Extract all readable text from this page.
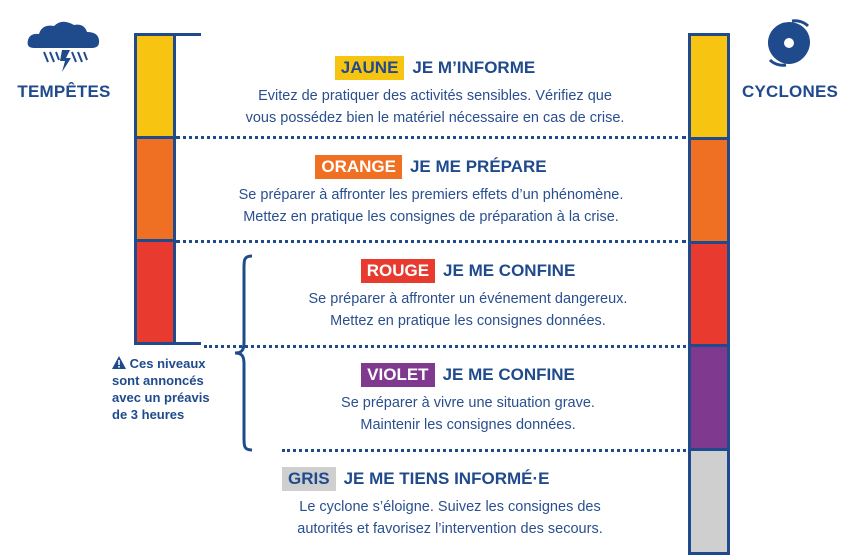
TEMPÊTES	CYCLONES
Ces niveaux
sont annoncés
avec un préavis
de 3 heures
JAUNE JE M’INFORME
Evitez de pratiquer des activités sensibles. Vérifiez que
vous possédez bien le matériel nécessaire en cas de crise.
ORANGE JE ME PRÉPARE
Se préparer à affronter les premiers effets d’un phénomène.
Mettez en pratique les consignes de préparation à la crise.
ROUGE JE ME CONFINE
Se préparer à affronter un événement dangereux.
Mettez en pratique les consignes données.
VIOLET JE ME CONFINE
Se préparer à vivre une situation grave.
Maintenir les consignes données.
GRIS JE ME TIENS INFORMÉ·E
Le cyclone s’éloigne. Suivez les consignes des
autorités et favorisez l’intervention des secours.
